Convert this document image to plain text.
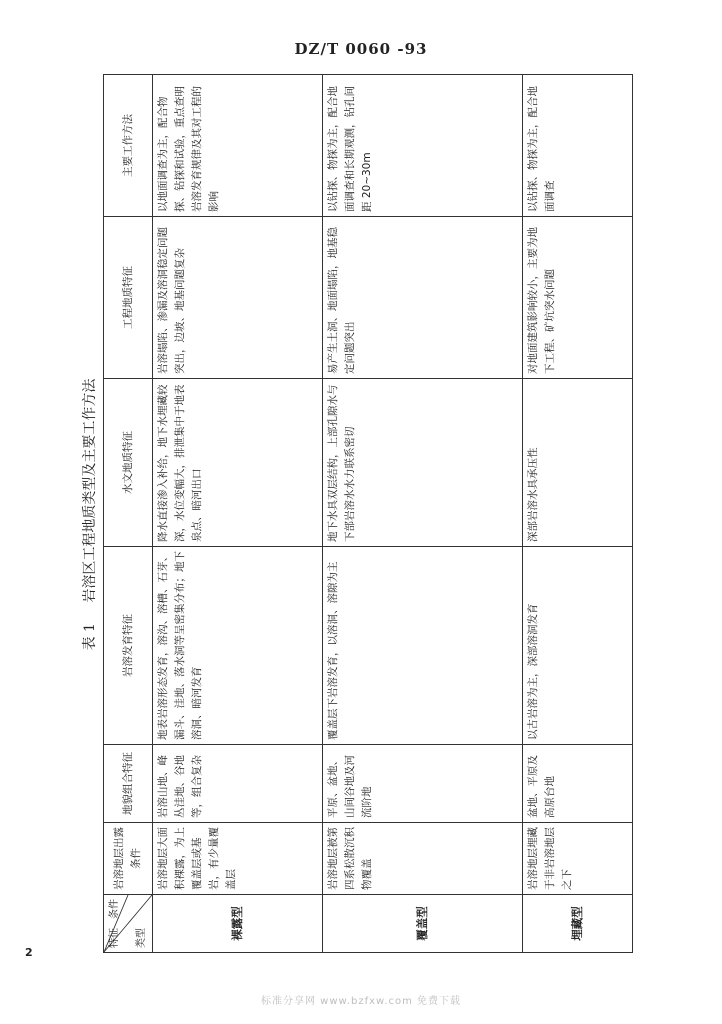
DZ/T 0060 -93
表 1 岩溶区工程地质类型及主要工作方法
条件
特征 类型	岩溶地层出露条件	地貌组合特征	岩溶发育特征	水文地质特征	工程地质特征	主要工作方法
裸露型	岩溶地层大面积裸露，为上覆盖层或基岩，有少量覆盖层	岩溶山地、峰丛洼地、谷地等，组合复杂	地表岩溶形态发育，溶沟、溶槽、石芽、漏斗、洼地、落水洞等呈密集分布；地下溶洞、暗河发育	降水直接渗入补给，地下水埋藏较深，水位变幅大，排泄集中于地表泉点、暗河出口	岩溶塌陷、渗漏及溶洞稳定问题突出，边坡、地基问题复杂	以地面调查为主，配合物探、钻探和试验，重点查明岩溶发育规律及其对工程的影响
覆盖型	岩溶地层被第四系松散沉积物覆盖	平原、盆地、山间谷地及河流阶地	覆盖层下岩溶发育，以溶洞、溶隙为主	地下水具双层结构，上部孔隙水与下部岩溶水水力联系密切	易产生土洞、地面塌陷，地基稳定问题突出	以钻探、物探为主，配合地面调查和长期观测，钻孔间距 20~30m
埋藏型	岩溶地层埋藏于非岩溶地层之下	盆地、平原及高原台地	以古岩溶为主，深部溶洞发育	深部岩溶水具承压性	对地面建筑影响较小，主要为地下工程、矿坑突水问题	以钻探、物探为主，配合地面调查
2
标准分享网 www.bzfxw.com 免费下载
